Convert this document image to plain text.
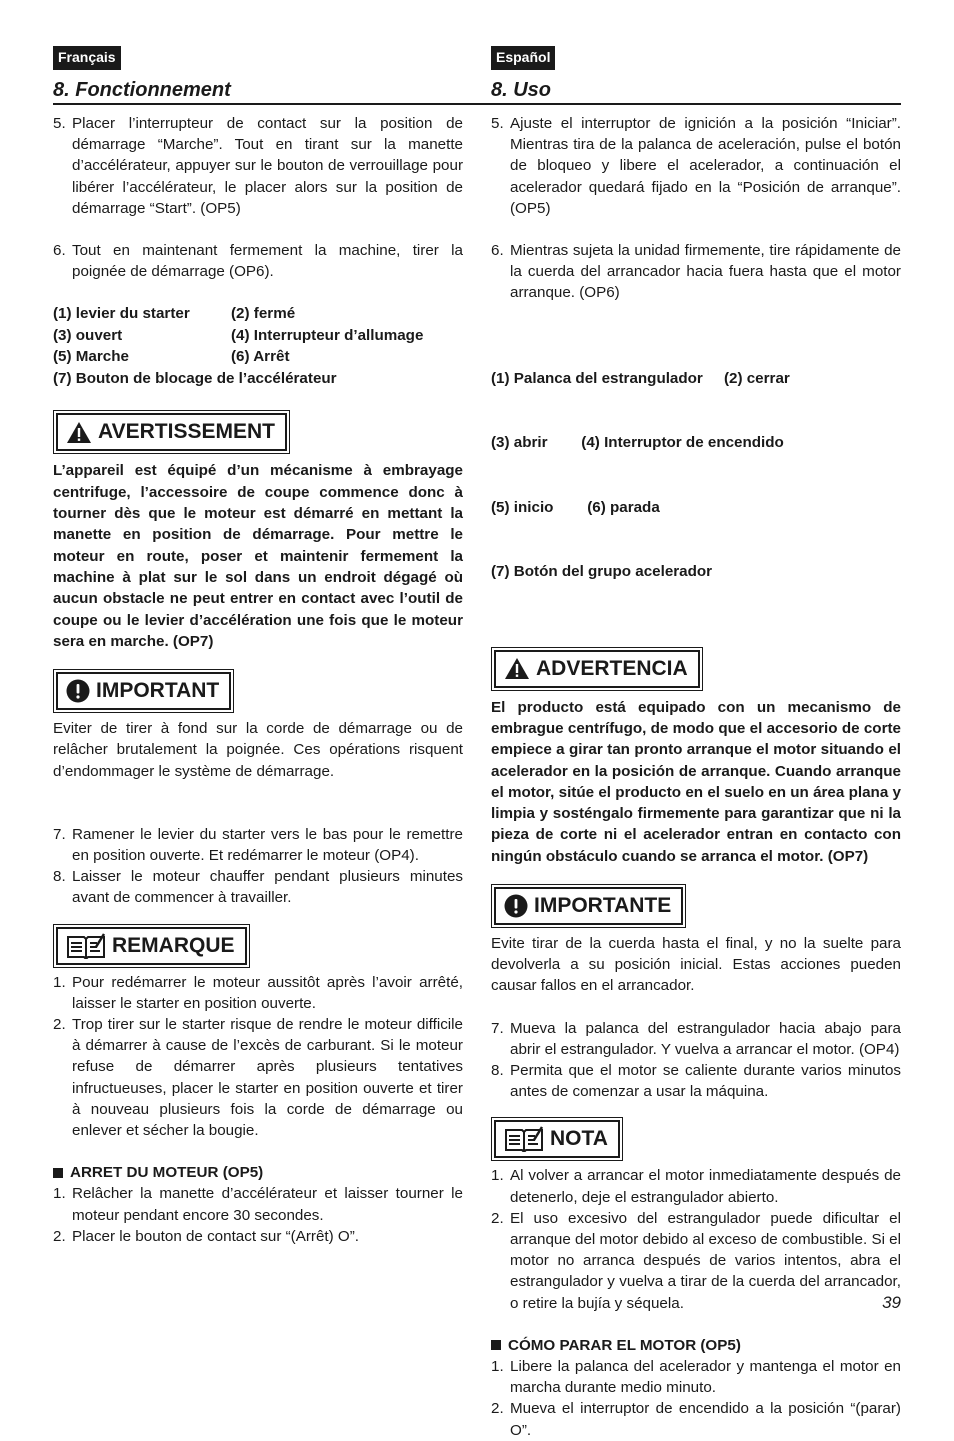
Français
8. Fonctionnement
Español
8. Uso
5. Placer l’interrupteur de contact sur la position de démarrage “Marche”. Tout en tirant sur la manette d’accélérateur, appuyer sur le bouton de verrouillage pour libérer l’accélérateur, le placer alors sur la position de démarrage “Start”. (OP5)
6. Tout en maintenant fermement la machine, tirer la poignée de démarrage (OP6).
(1) levier du starter	(2) fermé
(3) ouvert	(4) Interrupteur d’allumage
(5) Marche	(6) Arrêt
(7) Bouton de blocage de l’accélérateur
AVERTISSEMENT
L’appareil est équipé d’un mécanisme à embrayage centrifuge, l’accessoire de coupe commence donc à tourner dès que le moteur est démarré en mettant la manette en position de démarrage. Pour mettre le moteur en route, poser et maintenir fermement la machine à plat sur le sol dans un endroit dégagé où aucun obstacle ne peut entrer en contact avec l’outil de coupe ou le levier d’accélération une fois que le moteur sera en marche. (OP7)
IMPORTANT
Eviter de tirer à fond sur la corde de démarrage ou de relâcher brutalement la poignée. Ces opérations risquent d’endommager le système de démarrage.
7. Ramener le levier du starter vers le bas pour le remettre en position ouverte. Et redémarrer le moteur (OP4).
8. Laisser le moteur chauffer pendant plusieurs minutes avant de commencer à travailler.
REMARQUE
1. Pour redémarrer le moteur aussitôt après l’avoir arrêté, laisser le starter en position ouverte.
2. Trop tirer sur le starter risque de rendre le moteur difficile à démarrer à cause de l’excès de carburant. Si le moteur refuse de démarrer après plusieurs tentatives infructueuses, placer le starter en position ouverte et tirer à nouveau plusieurs fois la corde de démarrage ou enlever et sécher la bougie.
ARRET DU MOTEUR (OP5)
1. Relâcher la manette d’accélérateur et laisser tourner le moteur pendant encore 30 secondes.
2. Placer le bouton de contact sur “(Arrêt) O”.
5. Ajuste el interruptor de ignición a la posición “Iniciar”. Mientras tira de la palanca de aceleración, pulse el botón de bloqueo y libere el acelerador, a continuación el acelerador quedará fijado en la “Posición de arranque”. (OP5)
6. Mientras sujeta la unidad firmemente, tire rápidamente de la cuerda del arrancador hacia fuera hasta que el motor arranque. (OP6)

(1) Palanca del estrangulador     (2) cerrar

(3) abrir        (4) Interruptor de encendido

(5) inicio        (6) parada

(7) Botón del grupo acelerador

ADVERTENCIA
El producto está equipado con un mecanismo de embrague centrífugo, de modo que el accesorio de corte empiece a girar tan pronto arranque el motor situando el acelerador en la posición de arranque. Cuando arranque el motor, sitúe el producto en el suelo en un área plana y limpia y sosténgalo firmemente para garantizar que ni la pieza de corte ni el acelerador entran en contacto con ningún obstáculo cuando se arranca el motor. (OP7)
IMPORTANTE
Evite tirar de la cuerda hasta el final, y no la suelte para devolverla a su posición inicial. Estas acciones pueden causar fallos en el arrancador.
7. Mueva la palanca del estrangulador hacia abajo para abrir el estrangulador. Y vuelva a arrancar el motor. (OP4)
8. Permita que el motor se caliente durante varios minutos antes de comenzar a usar la máquina.
NOTA
1. Al volver a arrancar el motor inmediatamente después de detenerlo, deje el estrangulador abierto.
2. El uso excesivo del estrangulador puede dificultar el arranque del motor debido al exceso de combustible. Si el motor no arranca después de varios intentos, abra el estrangulador y vuelva a tirar de la cuerda del arrancador, o retire la bujía y séquela.
CÓMO PARAR EL MOTOR (OP5)
1. Libere la palanca del acelerador y mantenga el motor en marcha durante medio minuto.
2. Mueva el interruptor de encendido a la posición “(parar) O”.
39
